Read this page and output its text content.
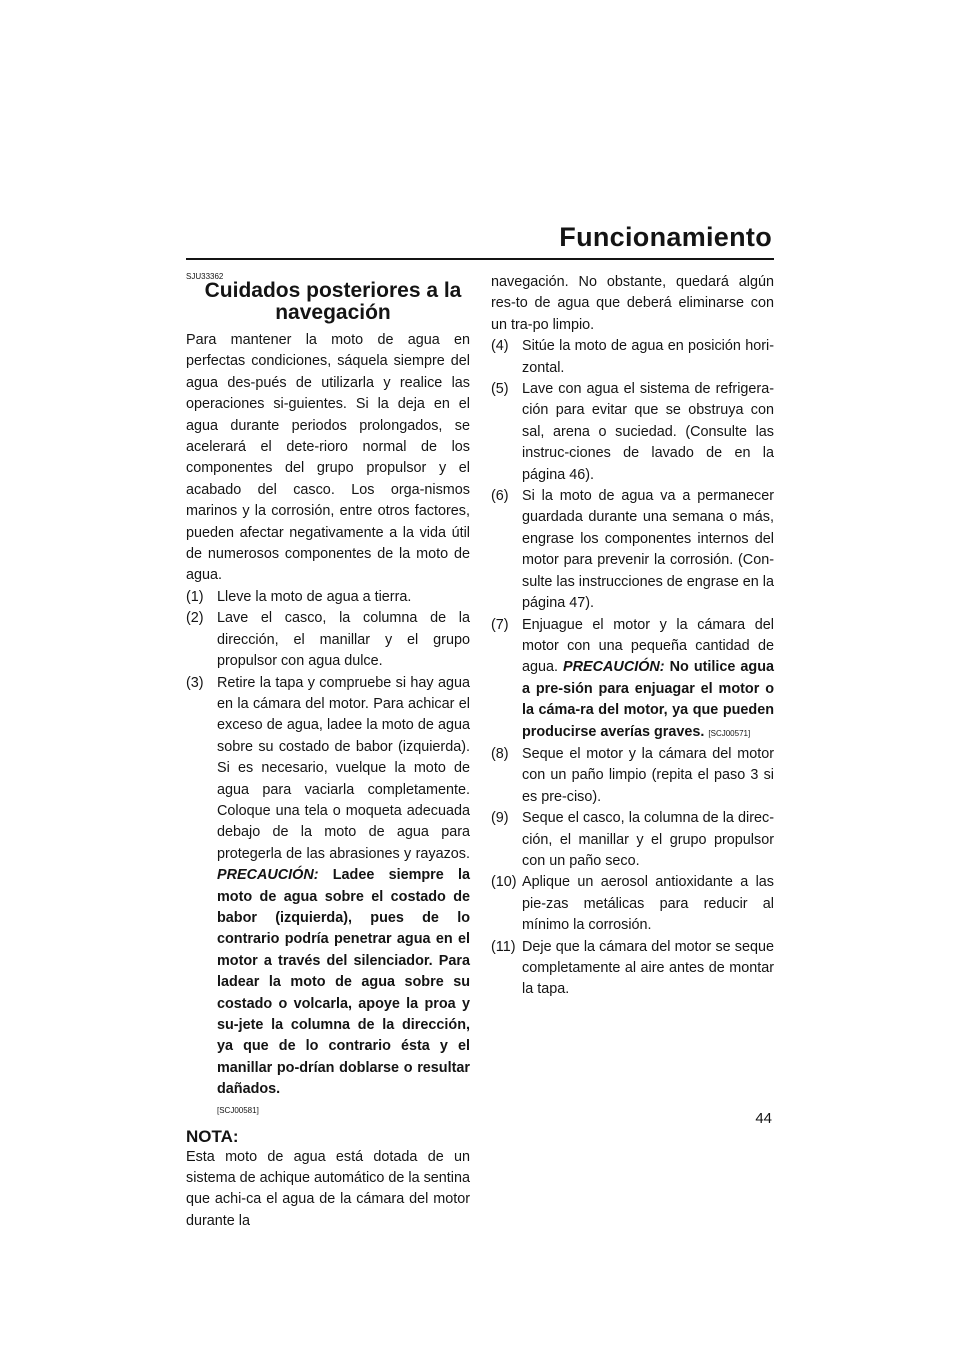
Funcionamiento
SJU33362
Cuidados posteriores a la navegación

Para mantener la moto de agua en perfectas condiciones, sáquela siempre del agua des-pués de utilizarla y realice las operaciones si-guientes. Si la deja en el agua durante periodos prolongados, se acelerará el dete-rioro normal de los componentes del grupo propulsor y el acabado del casco. Los orga-nismos marinos y la corrosión, entre otros factores, pueden afectar negativamente a la vida útil de numerosos componentes de la moto de agua.

(1) Lleve la moto de agua a tierra.
(2) Lave el casco, la columna de la dirección, el manillar y el grupo propulsor con agua dulce.
(3) Retire la tapa y compruebe si hay agua en la cámara del motor. Para achicar el exceso de agua, ladee la moto de agua sobre su costado de babor (izquierda). Si es necesario, vuelque la moto de agua para vaciarla completamente. Coloque una tela o moqueta adecuada debajo de la moto de agua para protegerla de las abrasiones y rayazos. PRECAUCIÓN: Ladee siempre la moto de agua sobre el costado de babor (izquierda), pues de lo contrario podría penetrar agua en el motor a través del silenciador. Para ladear la moto de agua sobre su costado o volcarla, apoye la proa y su-jete la columna de la dirección, ya que de lo contrario ésta y el manillar po-drían doblarse o resultar dañados.
[SCJ00581]
NOTA:

Esta moto de agua está dotada de un sistema de achique automático de la sentina que achi-ca el agua de la cámara del motor durante la

navegación. No obstante, quedará algún res-to de agua que deberá eliminarse con un tra-po limpio.

(4) Sitúe la moto de agua en posición hori-zontal.
(5) Lave con agua el sistema de refrigera-ción para evitar que se obstruya con sal, arena o suciedad. (Consulte las instruc-ciones de lavado de en la página 46).
(6) Si la moto de agua va a permanecer guardada durante una semana o más, engrase los componentes internos del motor para prevenir la corrosión. (Con-sulte las instrucciones de engrase en la página 47).
(7) Enjuague el motor y la cámara del motor con una pequeña cantidad de agua. PRECAUCIÓN: No utilice agua a pre-sión para enjuagar el motor o la cáma-ra del motor, ya que pueden producirse averías graves. [SCJ00571]
(8) Seque el motor y la cámara del motor con un paño limpio (repita el paso 3 si es pre-ciso).
(9) Seque el casco, la columna de la direc-ción, el manillar y el grupo propulsor con un paño seco.
(10) Aplique un aerosol antioxidante a las pie-zas metálicas para reducir al mínimo la corrosión.
(11) Deje que la cámara del motor se seque completamente al aire antes de montar la tapa.
44
